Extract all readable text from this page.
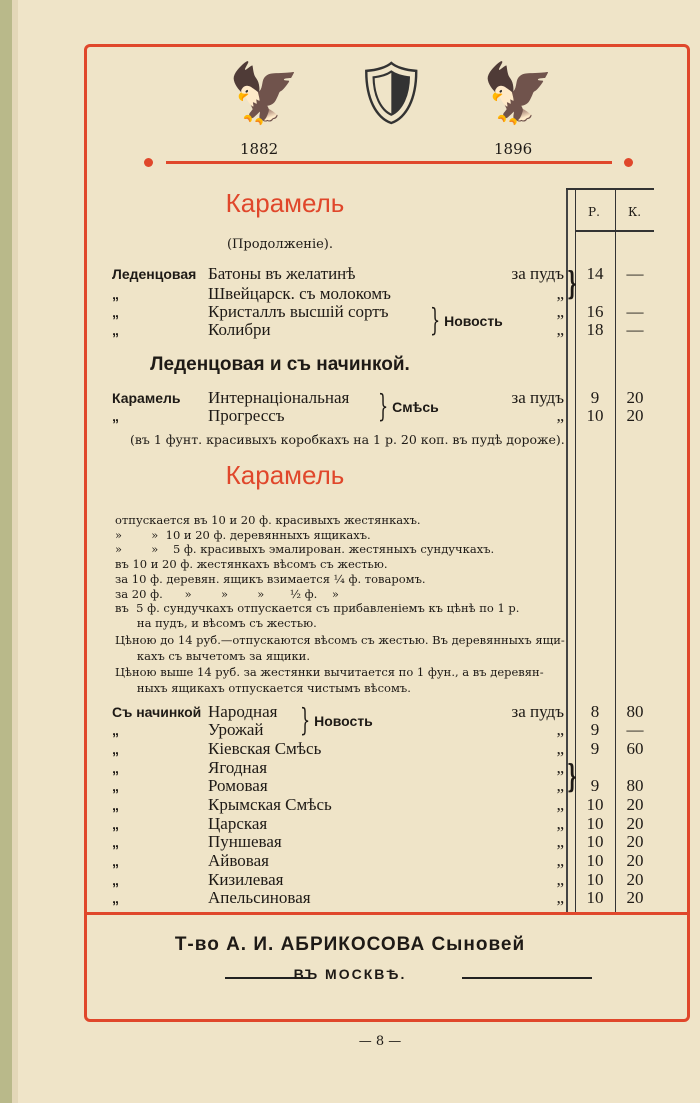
🦅 🛡 🦅
1882	1896
Карамель
(Продолженіе).
Р. К.
Леденцовая Батоны въ желатинѣ	за пудъ	14	—
„	Швейцарск. съ молокомъ	„
„	Кристаллъ высшій сортъ	„	16	—
„	Колибри	„	18	—
} Новость
}
Леденцовая и съ начинкой.
Карамель Интернаціональная	за пудъ	9	20
„	Прогрессъ	„	10	20
} Смѣсь
(въ 1 фунт. красивыхъ коробкахъ на 1 р. 20 коп. въ пудѣ дороже).
Карамель
отпускается въ 10 и 20 ф. красивыхъ жестянкахъ.
»        »  10 и 20 ф. деревянныхъ ящикахъ.
»        »    5 ф. красивыхъ эмалирован. жестяныхъ сундучкахъ.
въ 10 и 20 ф. жестянкахъ вѣсомъ съ жестью.
за 10 ф. деревян. ящикъ взимается ¼ ф. товаромъ.
за 20 ф.      »        »        »       ½ ф.    »
въ  5 ф. сундучкахъ отпускается съ прибавленіемъ къ цѣнѣ по 1 р.
на пудъ, и вѣсомъ съ жестью.
Цѣною до 14 руб.—отпускаются вѣсомъ съ жестью. Въ деревянныхъ ящи-
кахъ съ вычетомъ за ящики.
Цѣною выше 14 руб. за жестянки вычитается по 1 фун., а въ деревян-
ныхъ ящикахъ отпускается чистымъ вѣсомъ.
Съ начинкой Народная	за пудъ	8	80
„	Урожай	„	9	—
„	Кіевская Смѣсь	„	9	60
„	Ягодная	„
„	Ромовая	„	9	80
„	Крымская Смѣсь	„	10	20
„	Царская	„	10	20
„	Пуншевая	„	10	20
„	Айвовая	„	10	20
„	Кизилевая	„	10	20
„	Апельсиновая	„	10	20
} Новость
}
Т-во А. И. АБРИКОСОВА Сыновей
ВЪ МОСКВѢ.
— 8 —
